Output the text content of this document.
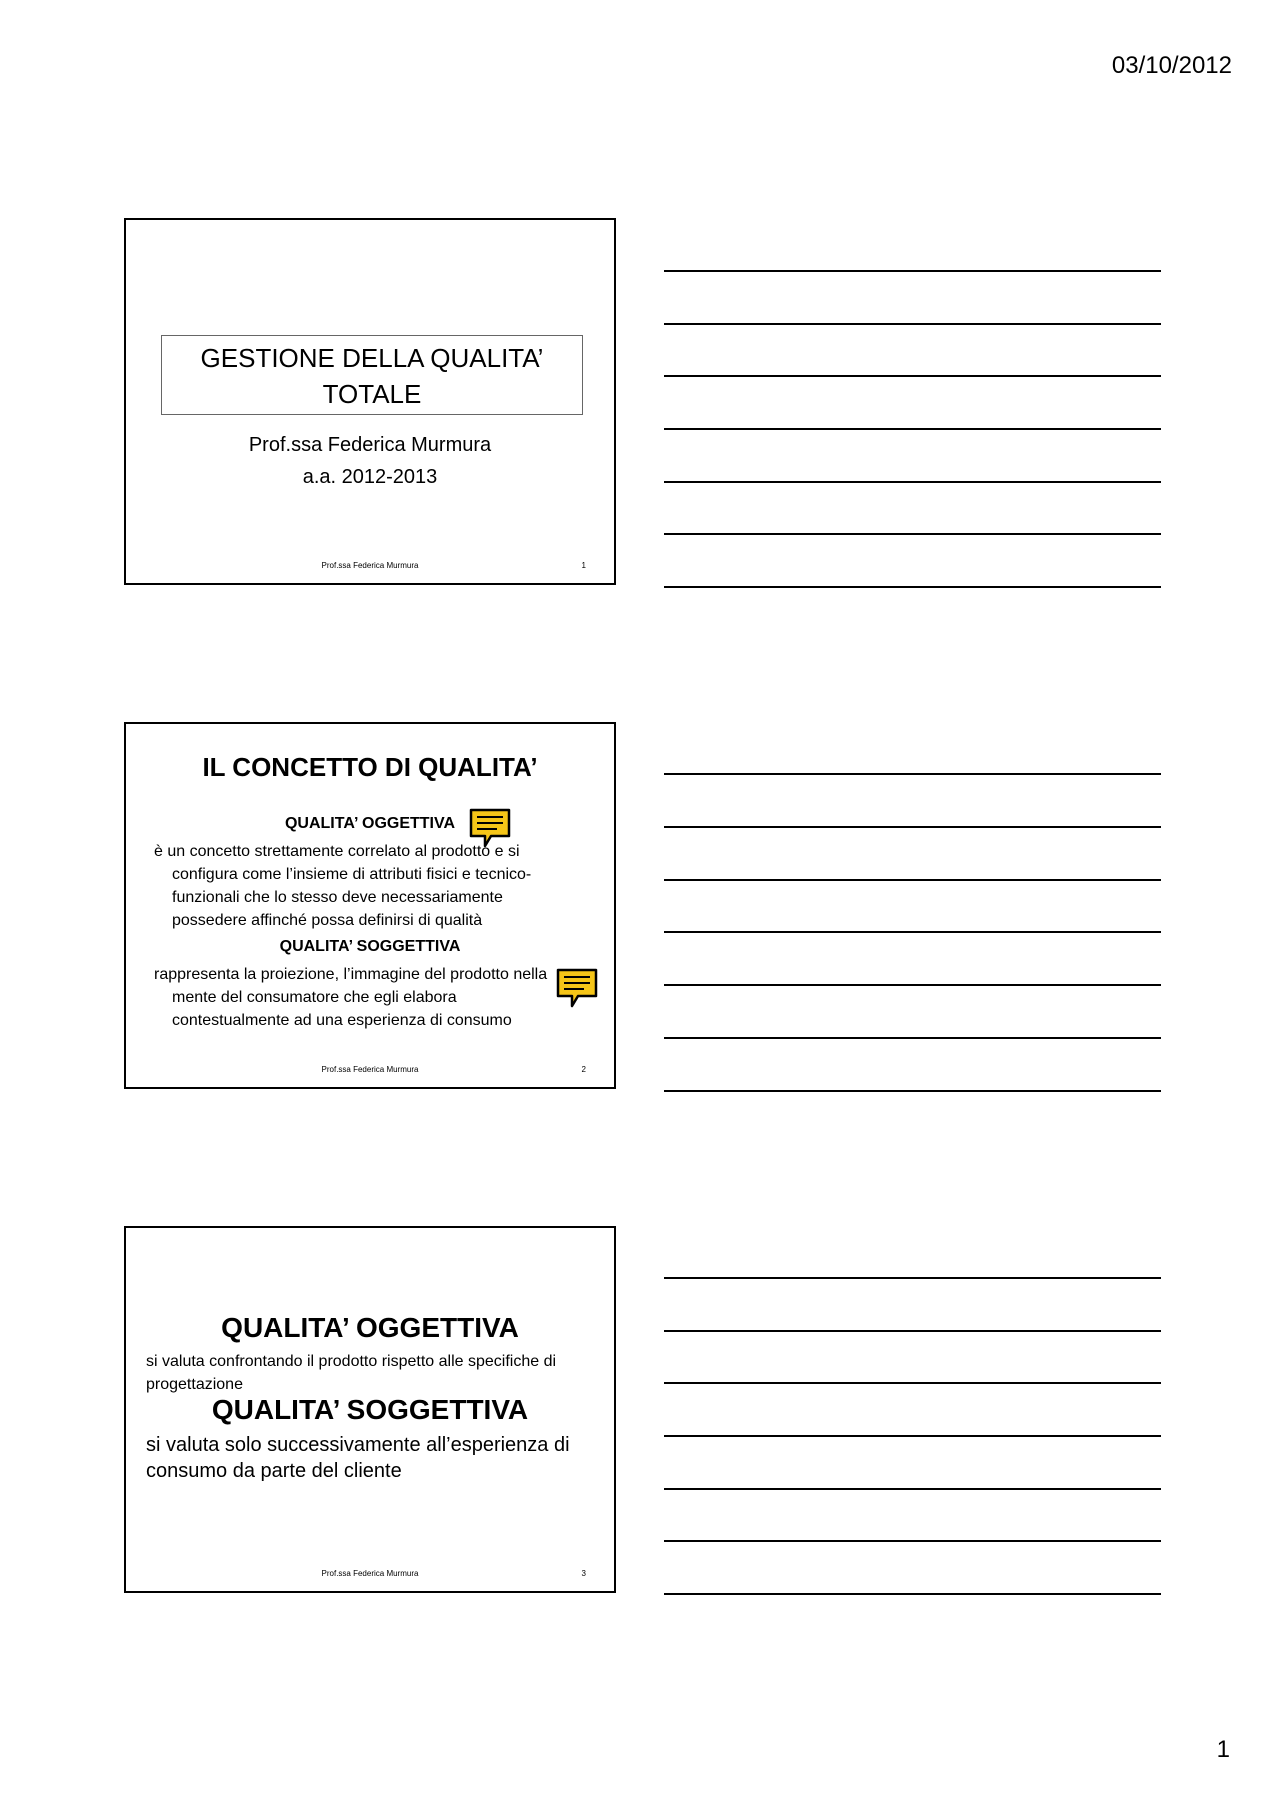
03/10/2012
GESTIONE DELLA QUALITA’
TOTALE
Prof.ssa Federica Murmura
a.a. 2012-2013
Prof.ssa Federica Murmura	1
IL CONCETTO DI QUALITA’
QUALITA’ OGGETTIVA

è un concetto strettamente correlato al prodotto e si configura come l’insieme di attributi fisici e tecnico-funzionali che lo stesso deve necessariamente possedere affinché possa definirsi di qualità

QUALITA’ SOGGETTIVA

rappresenta la proiezione, l’immagine del prodotto nella mente del consumatore che egli elabora contestualmente ad una esperienza di consumo

Prof.ssa Federica Murmura	2
QUALITA’ OGGETTIVA
si valuta confrontando il prodotto rispetto alle specifiche di progettazione
QUALITA’ SOGGETTIVA
si valuta solo successivamente all’esperienza di consumo da parte del cliente
Prof.ssa Federica Murmura	3
1
